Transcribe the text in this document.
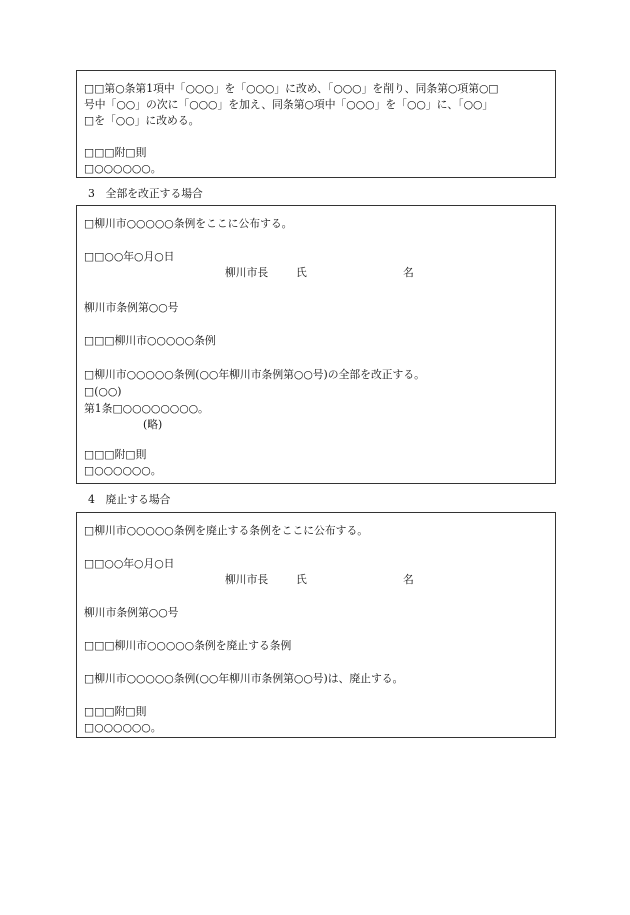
□□第○条第1項中「○○○」を「○○○」に改め、「○○○」を削り、同条第○項第○□
号中「○○」の次に「○○○」を加え、同条第○項中「○○○」を「○○」に、「○○」
□を「○○」に改める。
□□□附□則
□○○○○○○。
3　全部を改正する場合
□柳川市○○○○○条例をここに公布する。
□□○○年○月○日
柳川市長	氏	名
柳川市条例第○○号
□□□柳川市○○○○○条例
□柳川市○○○○○条例(○○年柳川市条例第○○号)の全部を改正する。
□(○○)
第1条□○○○○○○○○。
(略)
□□□附□則
□○○○○○○。
4　廃止する場合
□柳川市○○○○○条例を廃止する条例をここに公布する。
□□○○年○月○日
柳川市長	氏	名
柳川市条例第○○号
□□□柳川市○○○○○条例を廃止する条例
□柳川市○○○○○条例(○○年柳川市条例第○○号)は、廃止する。
□□□附□則
□○○○○○○。
